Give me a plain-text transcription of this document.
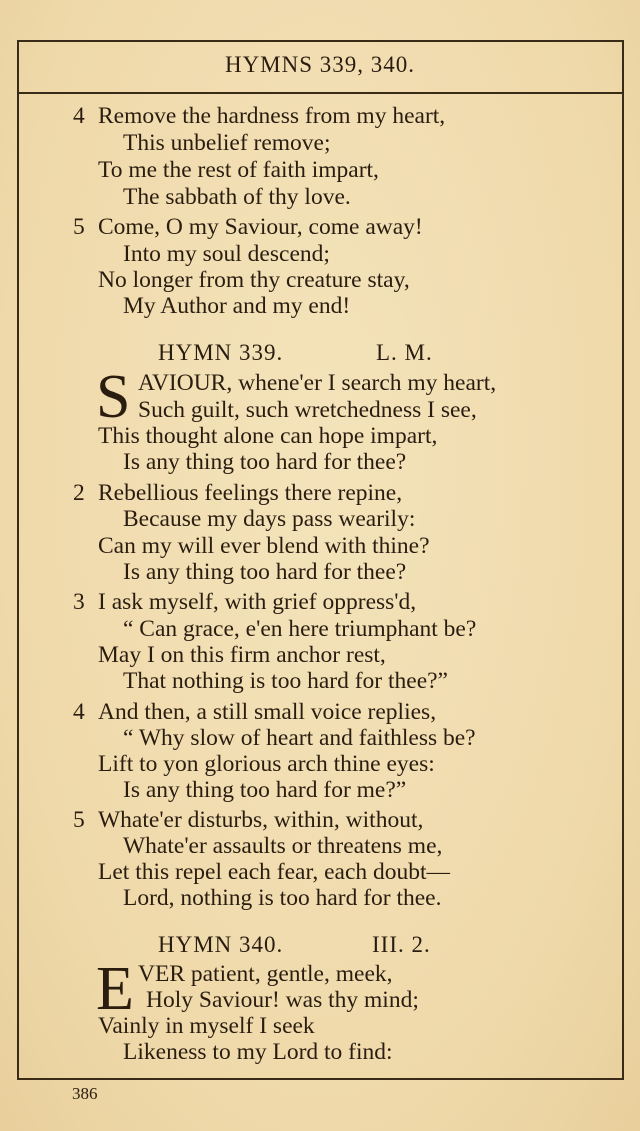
HYMNS 339, 340.
4 Remove the hardness from my heart,
This unbelief remove;
To me the rest of faith impart,
The sabbath of thy love.
5 Come, O my Saviour, come away!
Into my soul descend;
No longer from thy creature stay,
My Author and my end!
HYMN 339.	L. M.
S AVIOUR, whene'er I search my heart,
Such guilt, such wretchedness I see,
This thought alone can hope impart,
Is any thing too hard for thee?
2 Rebellious feelings there repine,
Because my days pass wearily:
Can my will ever blend with thine?
Is any thing too hard for thee?
3 I ask myself, with grief oppress'd,
“ Can grace, e'en here triumphant be?
May I on this firm anchor rest,
That nothing is too hard for thee?”
4 And then, a still small voice replies,
“ Why slow of heart and faithless be?
Lift to yon glorious arch thine eyes:
Is any thing too hard for me?”
5 Whate'er disturbs, within, without,
Whate'er assaults or threatens me,
Let this repel each fear, each doubt—
Lord, nothing is too hard for thee.
HYMN 340.	III. 2.
E VER patient, gentle, meek,
Holy Saviour! was thy mind;
Vainly in myself I seek
Likeness to my Lord to find:
386
